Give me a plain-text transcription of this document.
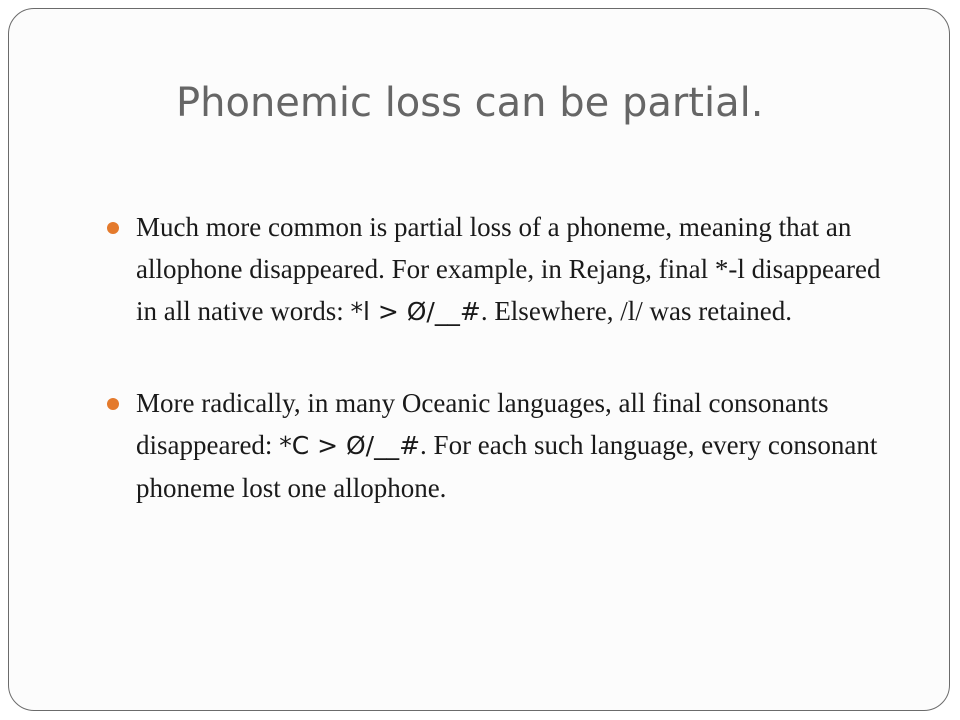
Phonemic loss can be partial.
Much more common is partial loss of a phoneme, meaning that an allophone disappeared. For example, in Rejang, final *-l disappeared in all native words: *l > Ø/__#. Elsewhere, /l/ was retained.
More radically, in many Oceanic languages, all final consonants disappeared: *C > Ø/__#. For each such language, every consonant phoneme lost one allophone.
